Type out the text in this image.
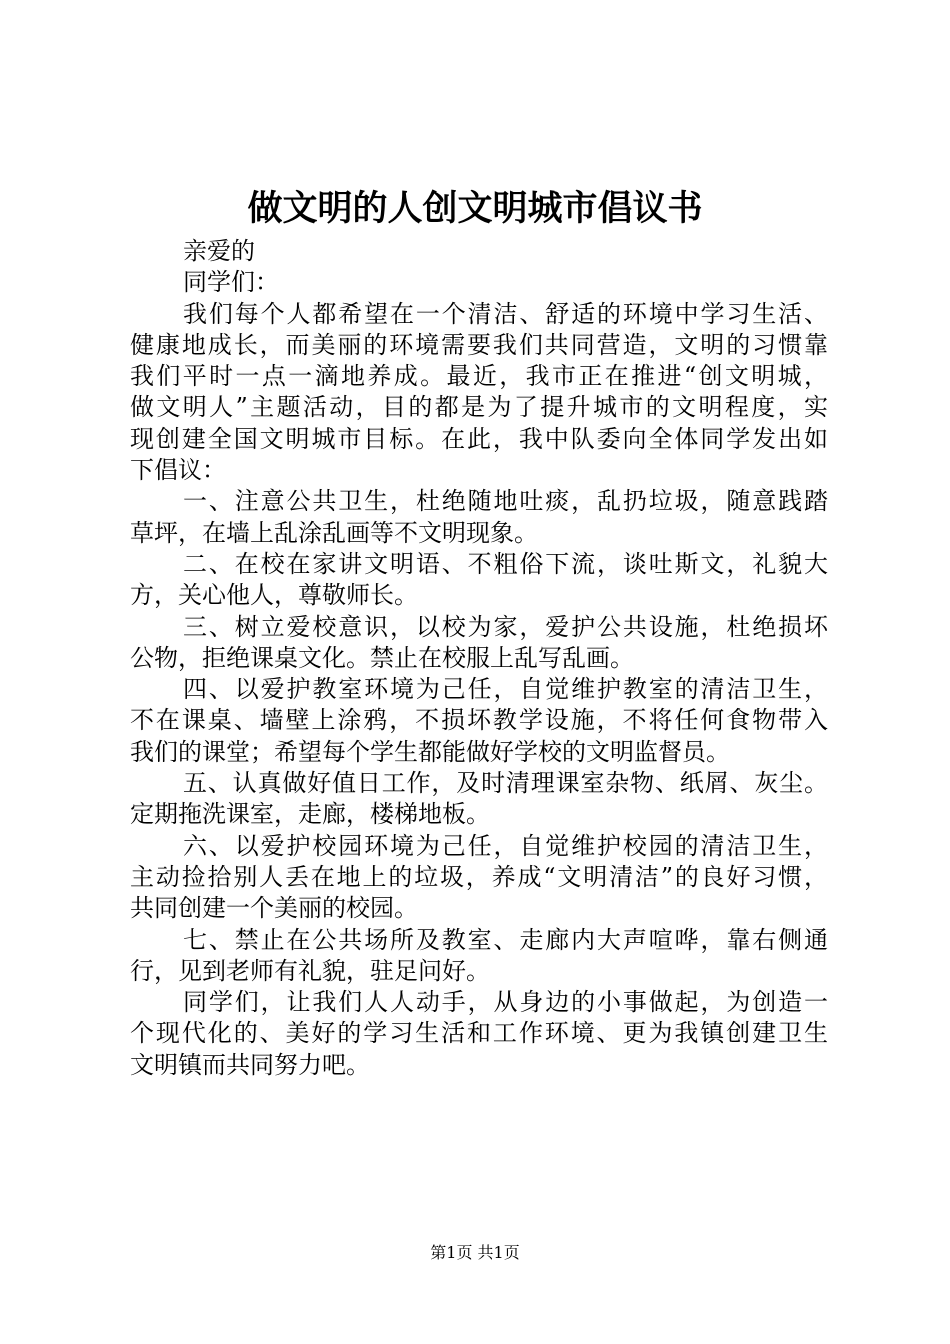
做文明的人创文明城市倡议书
亲爱的
同学们：
我们每个人都希望在一个清洁、舒适的环境中学习生活、
健康地成长，而美丽的环境需要我们共同营造，文明的习惯靠
我们平时一点一滴地养成。最近，我市正在推进“创文明城，
做文明人”主题活动，目的都是为了提升城市的文明程度，实
现创建全国文明城市目标。在此，我中队委向全体同学发出如
下倡议：
一、注意公共卫生，杜绝随地吐痰，乱扔垃圾，随意践踏
草坪，在墙上乱涂乱画等不文明现象。
二、在校在家讲文明语、不粗俗下流，谈吐斯文，礼貌大
方，关心他人，尊敬师长。
三、树立爱校意识，以校为家，爱护公共设施，杜绝损坏
公物，拒绝课桌文化。禁止在校服上乱写乱画。
四、以爱护教室环境为己任，自觉维护教室的清洁卫生，
不在课桌、墙壁上涂鸦，不损坏教学设施，不将任何食物带入
我们的课堂；希望每个学生都能做好学校的文明监督员。
五、认真做好值日工作，及时清理课室杂物、纸屑、灰尘。
定期拖洗课室，走廊，楼梯地板。
六、以爱护校园环境为己任，自觉维护校园的清洁卫生，
主动捡拾别人丢在地上的垃圾，养成“文明清洁”的良好习惯，
共同创建一个美丽的校园。
七、禁止在公共场所及教室、走廊内大声喧哗，靠右侧通
行，见到老师有礼貌，驻足问好。
同学们，让我们人人动手，从身边的小事做起，为创造一
个现代化的、美好的学习生活和工作环境、更为我镇创建卫生
文明镇而共同努力吧。
第1页 共1页
